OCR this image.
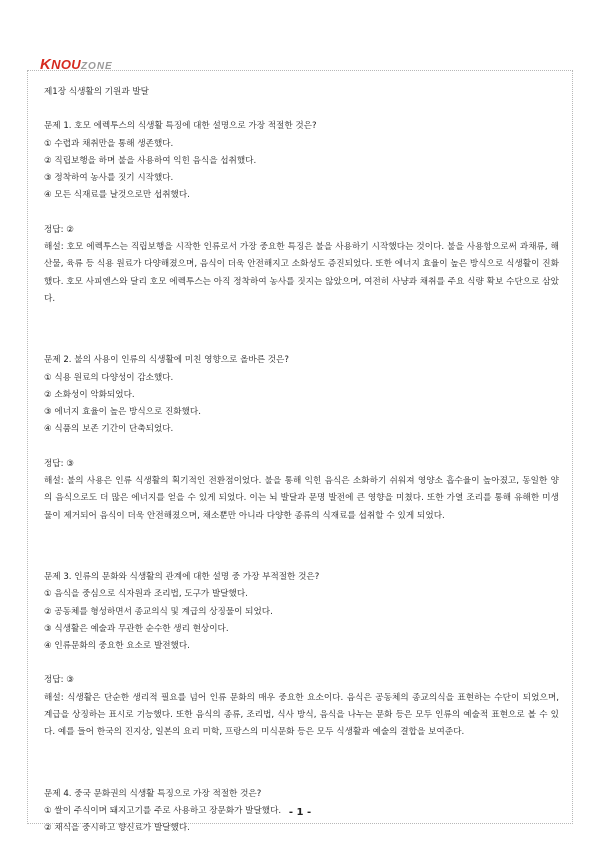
KNOUZONE

제1장 식생활의 기원과 발달

문제 1. 호모 에렉투스의 식생활 특징에 대한 설명으로 가장 적절한 것은?

① 수렵과 채취만을 통해 생존했다.

② 직립보행을 하며 불을 사용하여 익힌 음식을 섭취했다.

③ 정착하여 농사를 짓기 시작했다.

④ 모든 식재료를 날것으로만 섭취했다.

정답: ②

해설: 호모 에렉투스는 직립보행을 시작한 인류로서 가장 중요한 특징은 불을 사용하기 시작했다는 것이다. 불을 사용함으로써 과채류, 해산물, 육류 등 식용 원료가 다양해졌으며, 음식이 더욱 안전해지고 소화성도 증진되었다. 또한 에너지 효율이 높은 방식으로 식생활이 진화했다. 호모 사피엔스와 달리 호모 에렉투스는 아직 정착하여 농사를 짓지는 않았으며, 여전히 사냥과 채취를 주요 식량 확보 수단으로 삼았다.

문제 2. 불의 사용이 인류의 식생활에 미친 영향으로 올바른 것은?

① 식용 원료의 다양성이 감소했다.

② 소화성이 악화되었다.

③ 에너지 효율이 높은 방식으로 진화했다.

④ 식품의 보존 기간이 단축되었다.

정답: ③

해설: 불의 사용은 인류 식생활의 획기적인 전환점이었다. 불을 통해 익힌 음식은 소화하기 쉬워져 영양소 흡수율이 높아졌고, 동일한 양의 음식으로도 더 많은 에너지를 얻을 수 있게 되었다. 이는 뇌 발달과 문명 발전에 큰 영향을 미쳤다. 또한 가열 조리를 통해 유해한 미생물이 제거되어 음식이 더욱 안전해졌으며, 채소뿐만 아니라 다양한 종류의 식재료를 섭취할 수 있게 되었다.

문제 3. 인류의 문화와 식생활의 관계에 대한 설명 중 가장 부적절한 것은?

① 음식을 중심으로 식자원과 조리법, 도구가 발달했다.

② 공동체를 형성하면서 종교의식 및 계급의 상징물이 되었다.

③ 식생활은 예술과 무관한 순수한 생리 현상이다.

④ 인류문화의 중요한 요소로 발전했다.

정답: ③

해설: 식생활은 단순한 생리적 필요를 넘어 인류 문화의 매우 중요한 요소이다. 음식은 공동체의 종교의식을 표현하는 수단이 되었으며, 계급을 상징하는 표시로 기능했다. 또한 음식의 종류, 조리법, 식사 방식, 음식을 나누는 문화 등은 모두 인류의 예술적 표현으로 볼 수 있다. 예를 들어 한국의 진지상, 일본의 요리 미학, 프랑스의 미식문화 등은 모두 식생활과 예술의 결합을 보여준다.

문제 4. 중국 문화권의 식생활 특징으로 가장 적절한 것은?

① 쌀이 주식이며 돼지고기를 주로 사용하고 장문화가 발달했다.

② 채식을 중시하고 향신료가 발달했다.

- 1 -
